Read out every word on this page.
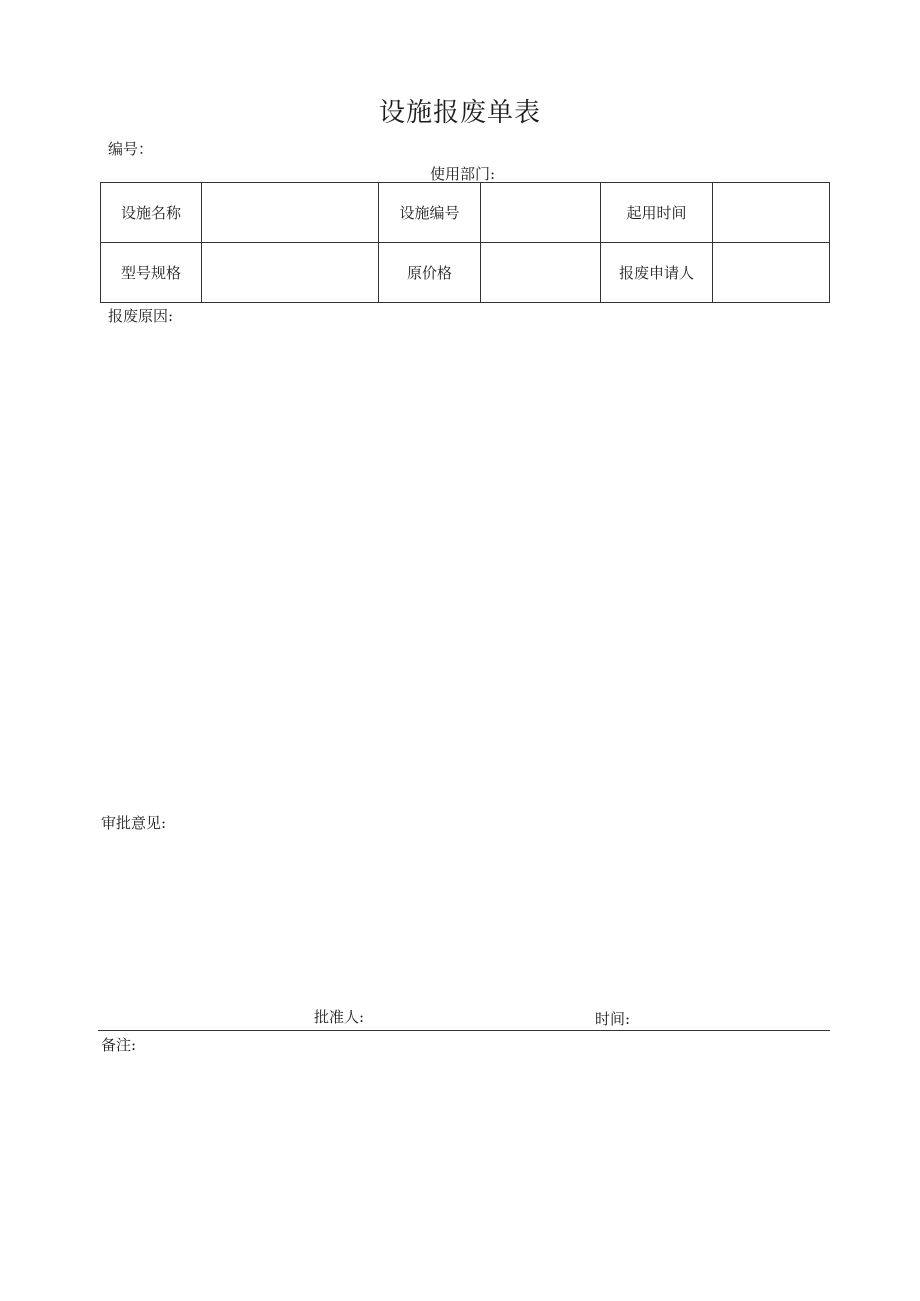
设施报废单表
编号：
使用部门:
设施名称		设施编号		起用时间	
型号规格		原价格		报废申请人	
报废原因:
审批意见:
批准人:	时间:
备注:
